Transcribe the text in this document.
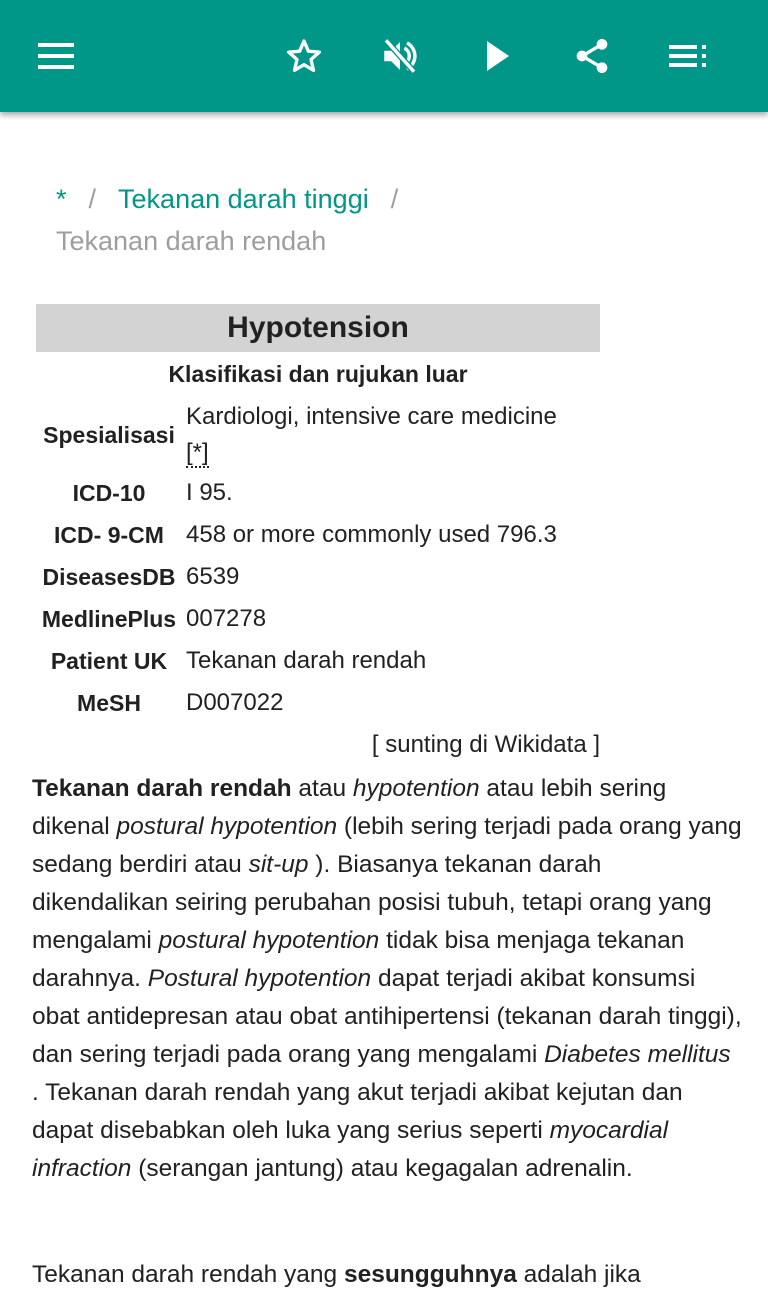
* / Tekanan darah tinggi /
Tekanan darah rendah
Hypotension
Klasifikasi dan rujukan luar
Spesialisasi
Kardiologi, intensive care medicine
[*]
ICD-10	I 95.
ICD- 9-CM 458 or more commonly used 796.3
DiseasesDB 6539
MedlinePlus 007278
Patient UK Tekanan darah rendah
MeSH	D007022
[ sunting di Wikidata ]

Tekanan darah rendah atau hypotention atau lebih sering dikenal postural hypotention (lebih sering terjadi pada orang yang sedang berdiri atau sit-up ). Biasanya tekanan darah dikendalikan seiring perubahan posisi tubuh, tetapi orang yang mengalami postural hypotention tidak bisa menjaga tekanan darahnya. Postural hypotention dapat terjadi akibat konsumsi obat antidepresan atau obat antihipertensi (tekanan darah tinggi), dan sering terjadi pada orang yang mengalami Diabetes mellitus . Tekanan darah rendah yang akut terjadi akibat kejutan dan dapat disebabkan oleh luka yang serius seperti myocardial infraction (serangan jantung) atau kegagalan adrenalin.

Tekanan darah rendah yang sesungguhnya adalah jika
